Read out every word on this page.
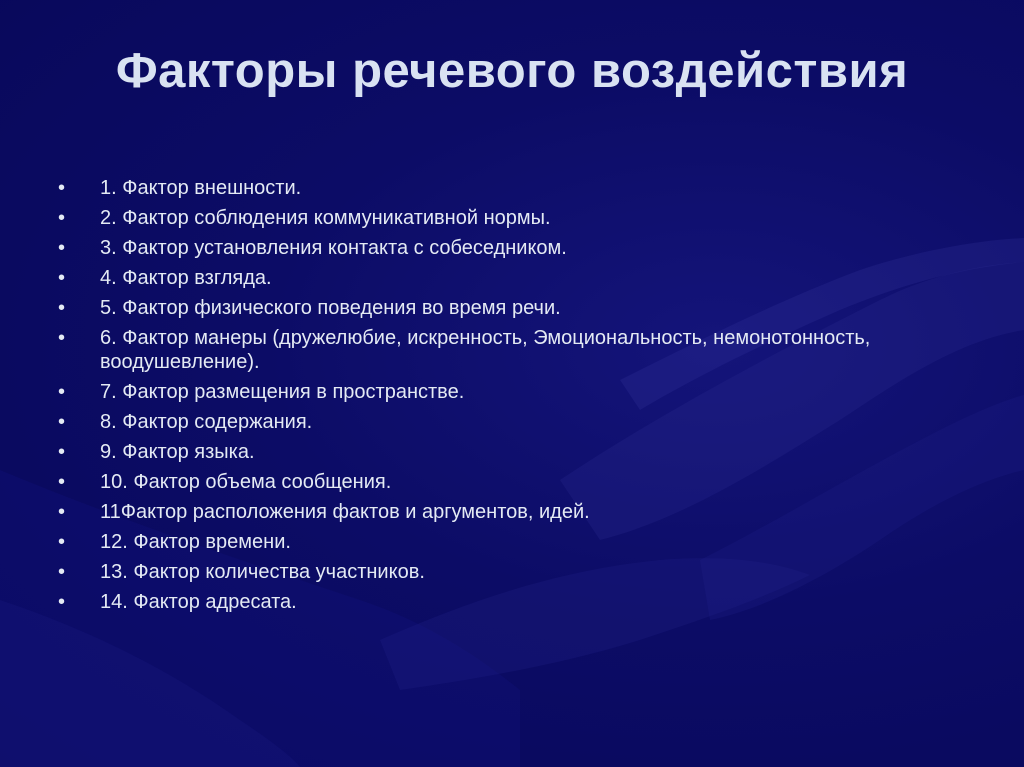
Факторы речевого воздействия
• 1. Фактор внешности.
• 2. Фактор соблюдения коммуникативной нормы.
• 3. Фактор установления контакта с собеседником.
• 4. Фактор взгляда.
• 5. Фактор физического поведения во время речи.
• 6. Фактор манеры (дружелюбие, искренность, Эмоциональность, немонотонность, воодушевление).
• 7. Фактор размещения в пространстве.
• 8. Фактор содержания.
• 9. Фактор языка.
• 10. Фактор объема сообщения.
• 11Фактор расположения фактов и аргументов, идей.
• 12. Фактор времени.
• 13. Фактор количества участников.
• 14. Фактор адресата.
